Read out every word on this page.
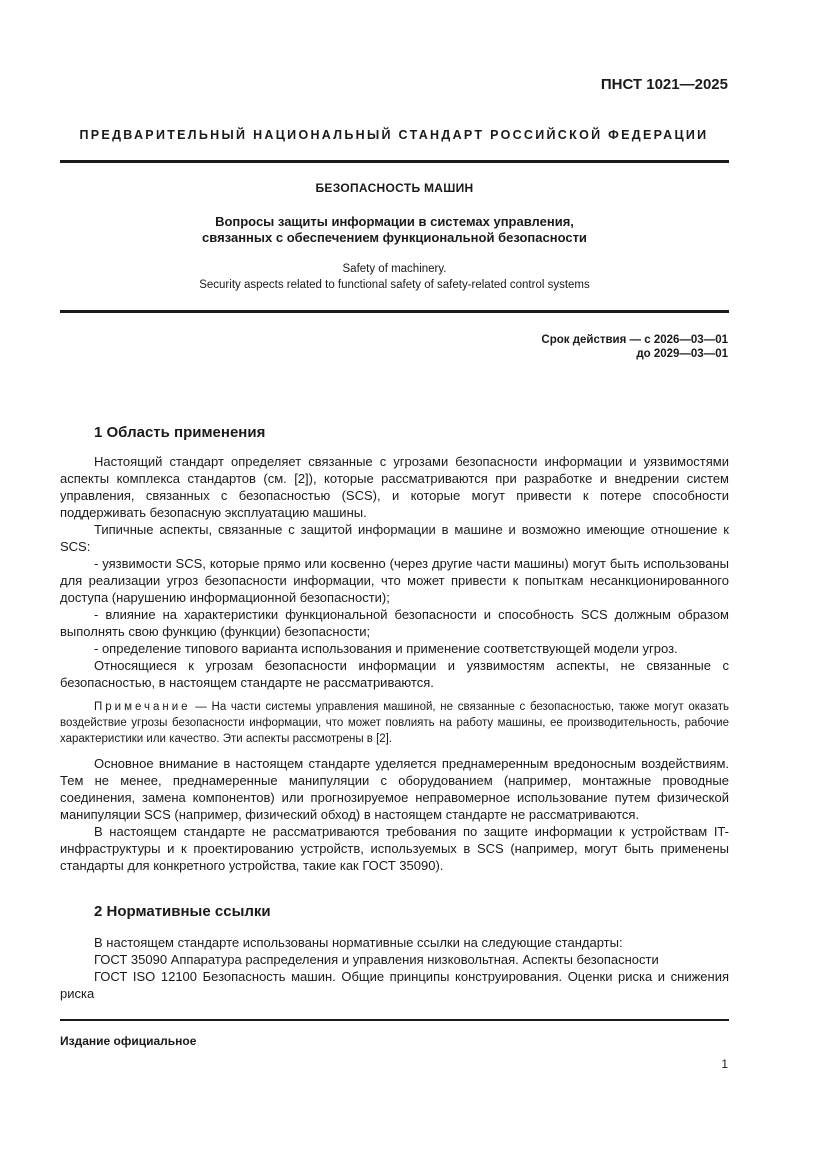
ПНСТ 1021—2025
ПРЕДВАРИТЕЛЬНЫЙ НАЦИОНАЛЬНЫЙ СТАНДАРТ РОССИЙСКОЙ ФЕДЕРАЦИИ
БЕЗОПАСНОСТЬ МАШИН
Вопросы защиты информации в системах управления,
связанных с обеспечением функциональной безопасности
Safety of machinery.
Security aspects related to functional safety of safety-related control systems
Срок действия — с 2026—03—01
до 2029—03—01
1 Область применения

Настоящий стандарт определяет связанные с угрозами безопасности информации и уязвимостями аспекты комплекса стандартов (см. [2]), которые рассматриваются при разработке и внедрении систем управления, связанных с безопасностью (SCS), и которые могут привести к потере способности поддерживать безопасную эксплуатацию машины.

Типичные аспекты, связанные с защитой информации в машине и возможно имеющие отношение к SCS:

- уязвимости SCS, которые прямо или косвенно (через другие части машины) могут быть использованы для реализации угроз безопасности информации, что может привести к попыткам несанкционированного доступа (нарушению информационной безопасности);

- влияние на характеристики функциональной безопасности и способность SCS должным образом выполнять свою функцию (функции) безопасности;

- определение типового варианта использования и применение соответствующей модели угроз.

Относящиеся к угрозам безопасности информации и уязвимостям аспекты, не связанные с безопасностью, в настоящем стандарте не рассматриваются.

Примечание — На части системы управления машиной, не связанные с безопасностью, также могут оказать воздействие угрозы безопасности информации, что может повлиять на работу машины, ее производительность, рабочие характеристики или качество. Эти аспекты рассмотрены в [2].

Основное внимание в настоящем стандарте уделяется преднамеренным вредоносным воздействиям. Тем не менее, преднамеренные манипуляции с оборудованием (например, монтажные проводные соединения, замена компонентов) или прогнозируемое неправомерное использование путем физической манипуляции SCS (например, физический обход) в настоящем стандарте не рассматриваются.

В настоящем стандарте не рассматриваются требования по защите информации к устройствам IT-инфраструктуры и к проектированию устройств, используемых в SCS (например, могут быть применены стандарты для конкретного устройства, такие как ГОСТ 35090).

2 Нормативные ссылки

В настоящем стандарте использованы нормативные ссылки на следующие стандарты:

ГОСТ 35090 Аппаратура распределения и управления низковольтная. Аспекты безопасности

ГОСТ ISO 12100 Безопасность машин. Общие принципы конструирования. Оценки риска и снижения риска

Издание официальное
1
